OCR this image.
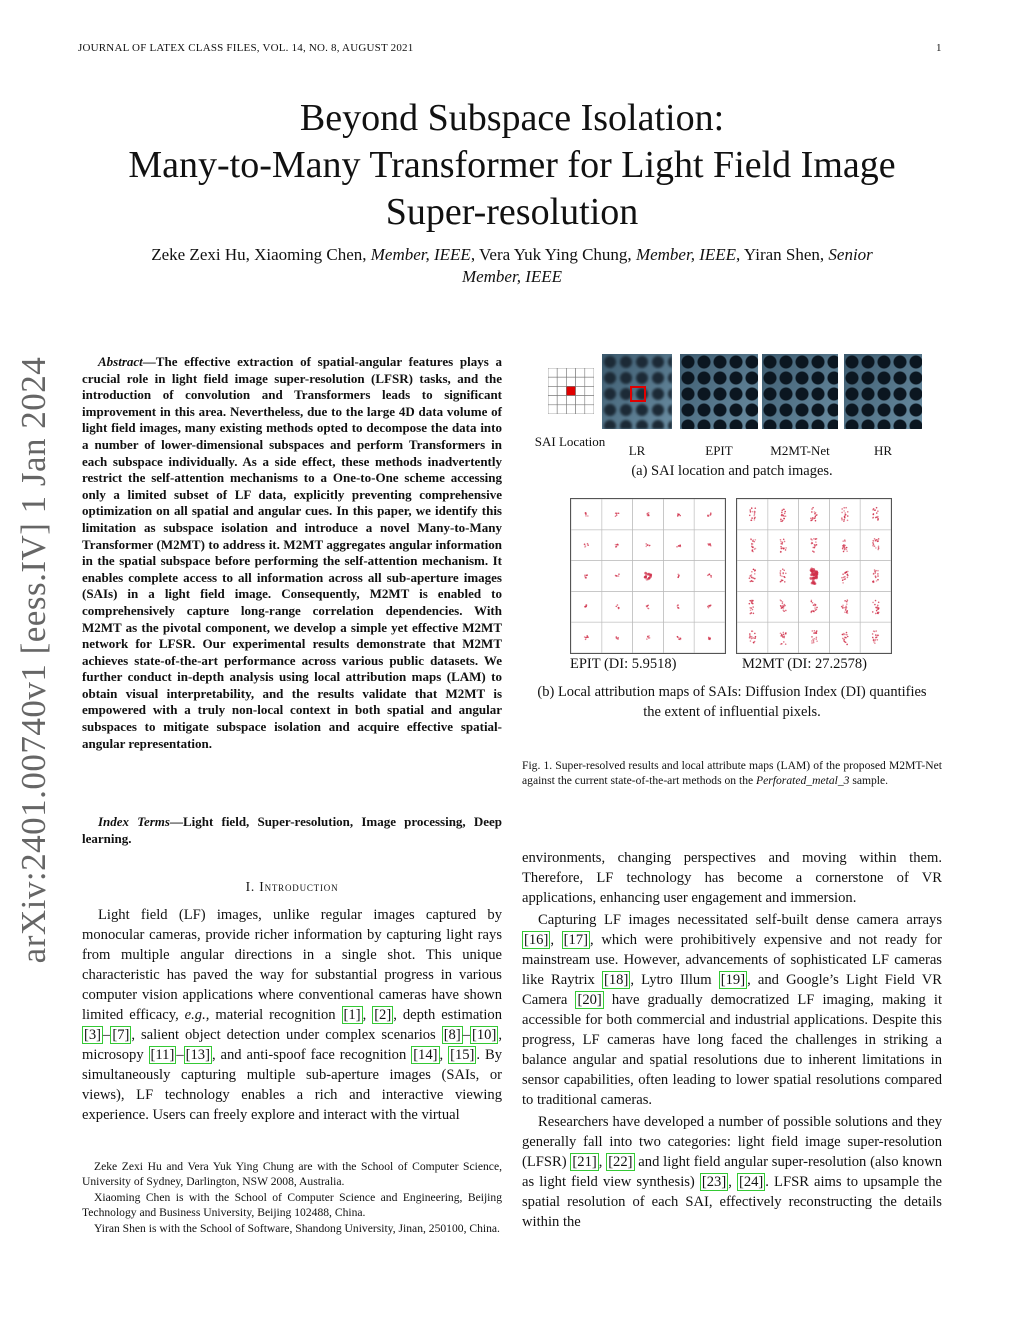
JOURNAL OF LATEX CLASS FILES, VOL. 14, NO. 8, AUGUST 2021	1
arXiv:2401.00740v1 [eess.IV] 1 Jan 2024
Beyond Subspace Isolation:
Many-to-Many Transformer for Light Field Image
Super-resolution
Zeke Zexi Hu, Xiaoming Chen, Member, IEEE, Vera Yuk Ying Chung, Member, IEEE, Yiran Shen, Senior
Member, IEEE
Abstract—The effective extraction of spatial-angular features plays a crucial role in light field image super-resolution (LFSR) tasks, and the introduction of convolution and Transformers leads to significant improvement in this area. Nevertheless, due to the large 4D data volume of light field images, many existing methods opted to decompose the data into a number of lower-dimensional subspaces and perform Transformers in each subspace individually. As a side effect, these methods inadvertently restrict the self-attention mechanisms to a One-to-One scheme accessing only a limited subset of LF data, explicitly preventing comprehensive optimization on all spatial and angular cues. In this paper, we identify this limitation as subspace isolation and introduce a novel Many-to-Many Transformer (M2MT) to address it. M2MT aggregates angular information in the spatial subspace before performing the self-attention mechanism. It enables complete access to all information across all sub-aperture images (SAIs) in a light field image. Consequently, M2MT is enabled to comprehensively capture long-range correlation dependencies. With M2MT as the pivotal component, we develop a simple yet effective M2MT network for LFSR. Our experimental results demonstrate that M2MT achieves state-of-the-art performance across various public datasets. We further conduct in-depth analysis using local attribution maps (LAM) to obtain visual interpretability, and the results validate that M2MT is empowered with a truly non-local context in both spatial and angular subspaces to mitigate subspace isolation and acquire effective spatial-angular representation.
Index Terms—Light field, Super-resolution, Image processing, Deep learning.
I. Introduction
Light field (LF) images, unlike regular images captured by monocular cameras, provide richer information by capturing light rays from multiple angular directions in a single shot. This unique characteristic has paved the way for substantial progress in various computer vision applications where conventional cameras have shown limited efficacy, e.g., material recognition [1] , [2] , depth estimation [3] – [7] , salient object detection under complex scenarios [8] – [10] , microsopy [11] – [13] , and anti-spoof face recognition [14] , [15] . By simultaneously capturing multiple sub-aperture images (SAIs, or views), LF technology enables a rich and interactive viewing experience. Users can freely explore and interact with the virtual
Zeke Zexi Hu and Vera Yuk Ying Chung are with the School of Computer Science, University of Sydney, Darlington, NSW 2008, Australia.
Xiaoming Chen is with the School of Computer Science and Engineering, Beijing Technology and Business University, Beijing 102488, China.
Yiran Shen is with the School of Software, Shandong University, Jinan, 250100, China.
SAI Location
LR	EPIT	M2MT-Net	HR
(a) SAI location and patch images.
EPIT (DI: 5.9518)	M2MT (DI: 27.2578)
(b) Local attribution maps of SAIs: Diffusion Index (DI) quantifies the extent of influential pixels.
Fig. 1. Super-resolved results and local attribute maps (LAM) of the proposed M2MT-Net against the current state-of-the-art methods on the Perforated_metal_3 sample.
environments, changing perspectives and moving within them. Therefore, LF technology has become a cornerstone of VR applications, enhancing user engagement and immersion.
Capturing LF images necessitated self-built dense camera arrays [16] , [17] , which were prohibitively expensive and not ready for mainstream use. However, advancements of sophisticated LF cameras like Raytrix [18] , Lytro Illum [19] , and Google’s Light Field VR Camera [20] have gradually democratized LF imaging, making it accessible for both commercial and industrial applications. Despite this progress, LF cameras have long faced the challenges in striking a balance angular and spatial resolutions due to inherent limitations in sensor capabilities, often leading to lower spatial resolutions compared to traditional cameras.
Researchers have developed a number of possible solutions and they generally fall into two categories: light field image super-resolution (LFSR) [21] , [22] and light field angular super-resolution (also known as light field view synthesis) [23] , [24] . LFSR aims to upsample the spatial resolution of each SAI, effectively reconstructing the details within the
